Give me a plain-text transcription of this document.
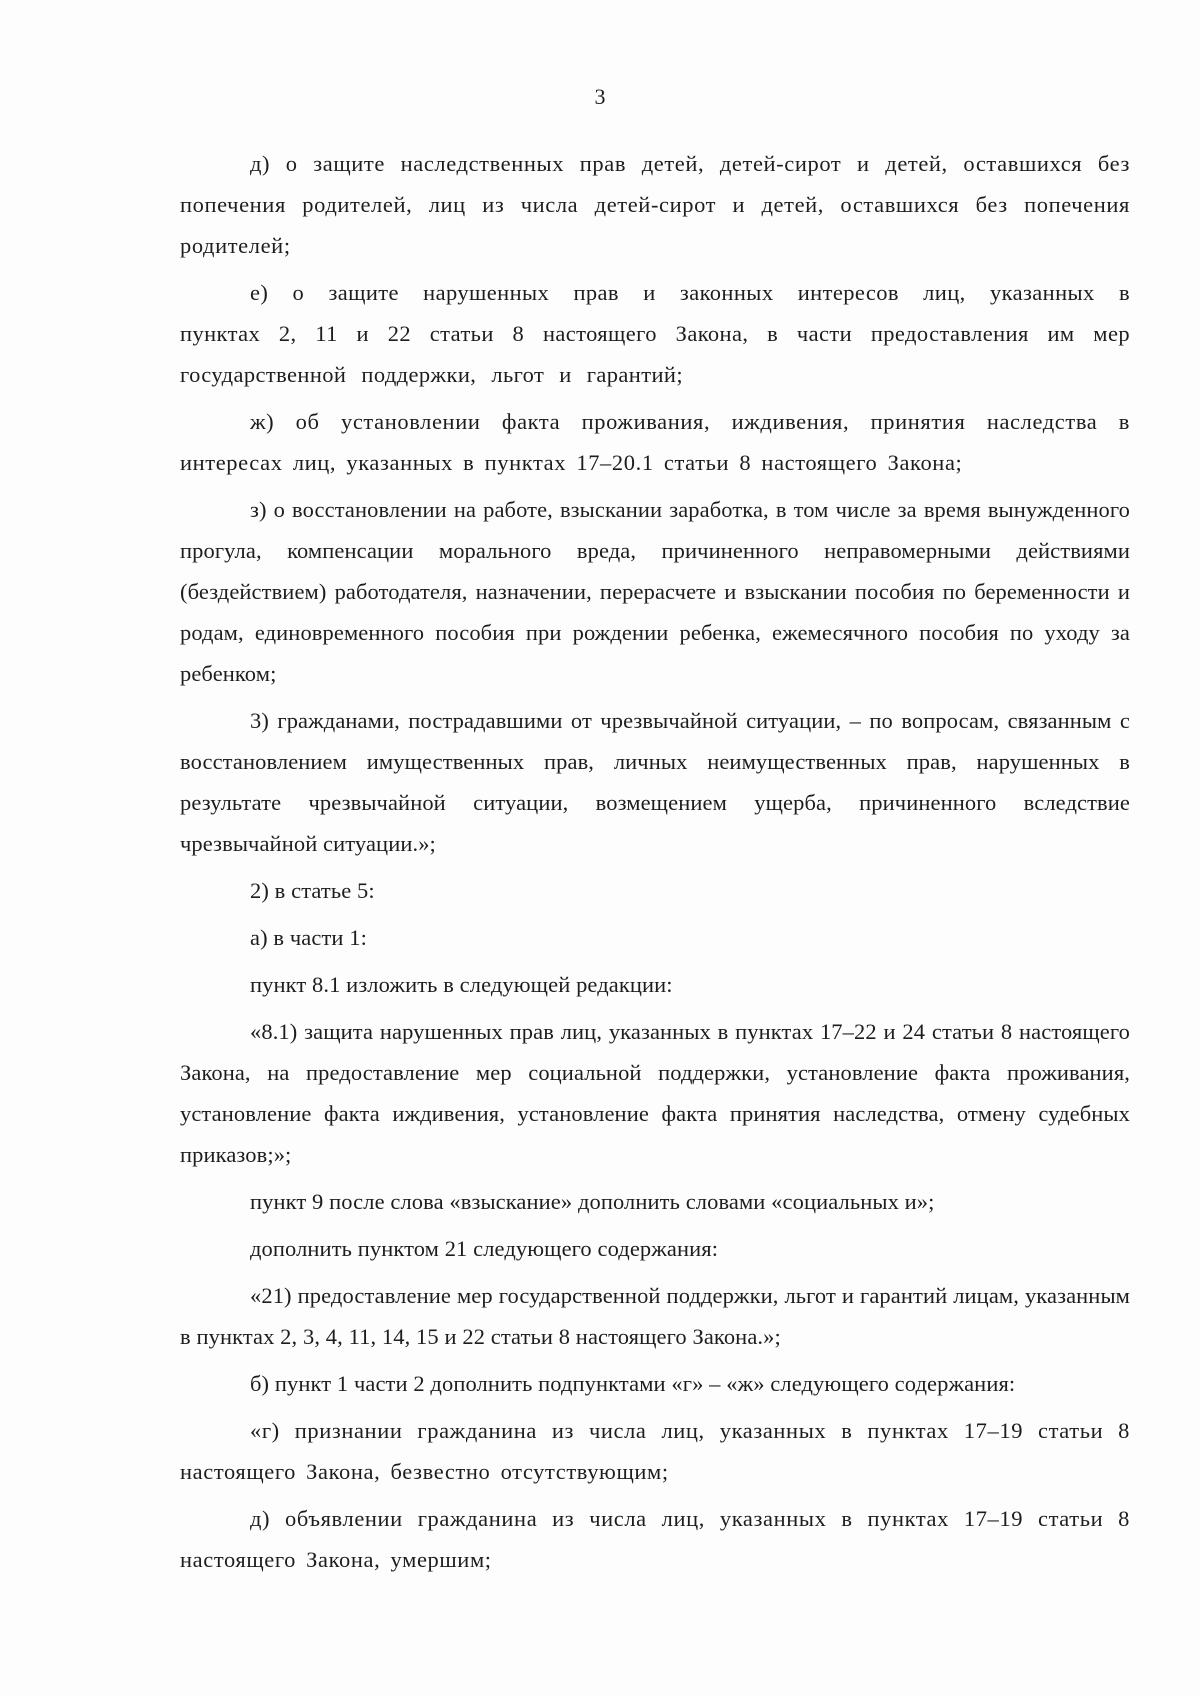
3

д) о защите наследственных прав детей, детей-сирот и детей, оставшихся без попечения родителей, лиц из числа детей-сирот и детей, оставшихся без попечения родителей;

е) о защите нарушенных прав и законных интересов лиц, указанных в пунктах 2, 11 и 22 статьи 8 настоящего Закона, в части предоставления им мер государственной поддержки, льгот и гарантий;

ж) об установлении факта проживания, иждивения, принятия наследства в интересах лиц, указанных в пунктах 17–20.1 статьи 8 настоящего Закона;

з) о восстановлении на работе, взыскании заработка, в том числе за время вынужденного прогула, компенсации морального вреда, причиненного неправомерными действиями (бездействием) работодателя, назначении, перерасчете и взыскании пособия по беременности и родам, единовременного пособия при рождении ребенка, ежемесячного пособия по уходу за ребенком;

3) гражданами, пострадавшими от чрезвычайной ситуации, – по вопросам, связанным с восстановлением имущественных прав, личных неимущественных прав, нарушенных в результате чрезвычайной ситуации, возмещением ущерба, причиненного вследствие чрезвычайной ситуации.»;

2) в статье 5:

а) в части 1:

пункт 8.1 изложить в следующей редакции:

«8.1) защита нарушенных прав лиц, указанных в пунктах 17–22 и 24 статьи 8 настоящего Закона, на предоставление мер социальной поддержки, установление факта проживания, установление факта иждивения, установление факта принятия наследства, отмену судебных приказов;»;

пункт 9 после слова «взыскание» дополнить словами «социальных и»;

дополнить пунктом 21 следующего содержания:

«21) предоставление мер государственной поддержки, льгот и гарантий лицам, указанным в пунктах 2, 3, 4, 11, 14, 15 и 22 статьи 8 настоящего Закона.»;

б) пункт 1 части 2 дополнить подпунктами «г» – «ж» следующего содержания:

«г) признании гражданина из числа лиц, указанных в пунктах 17–19 статьи 8 настоящего Закона, безвестно отсутствующим;

д) объявлении гражданина из числа лиц, указанных в пунктах 17–19 статьи 8 настоящего Закона, умершим;
